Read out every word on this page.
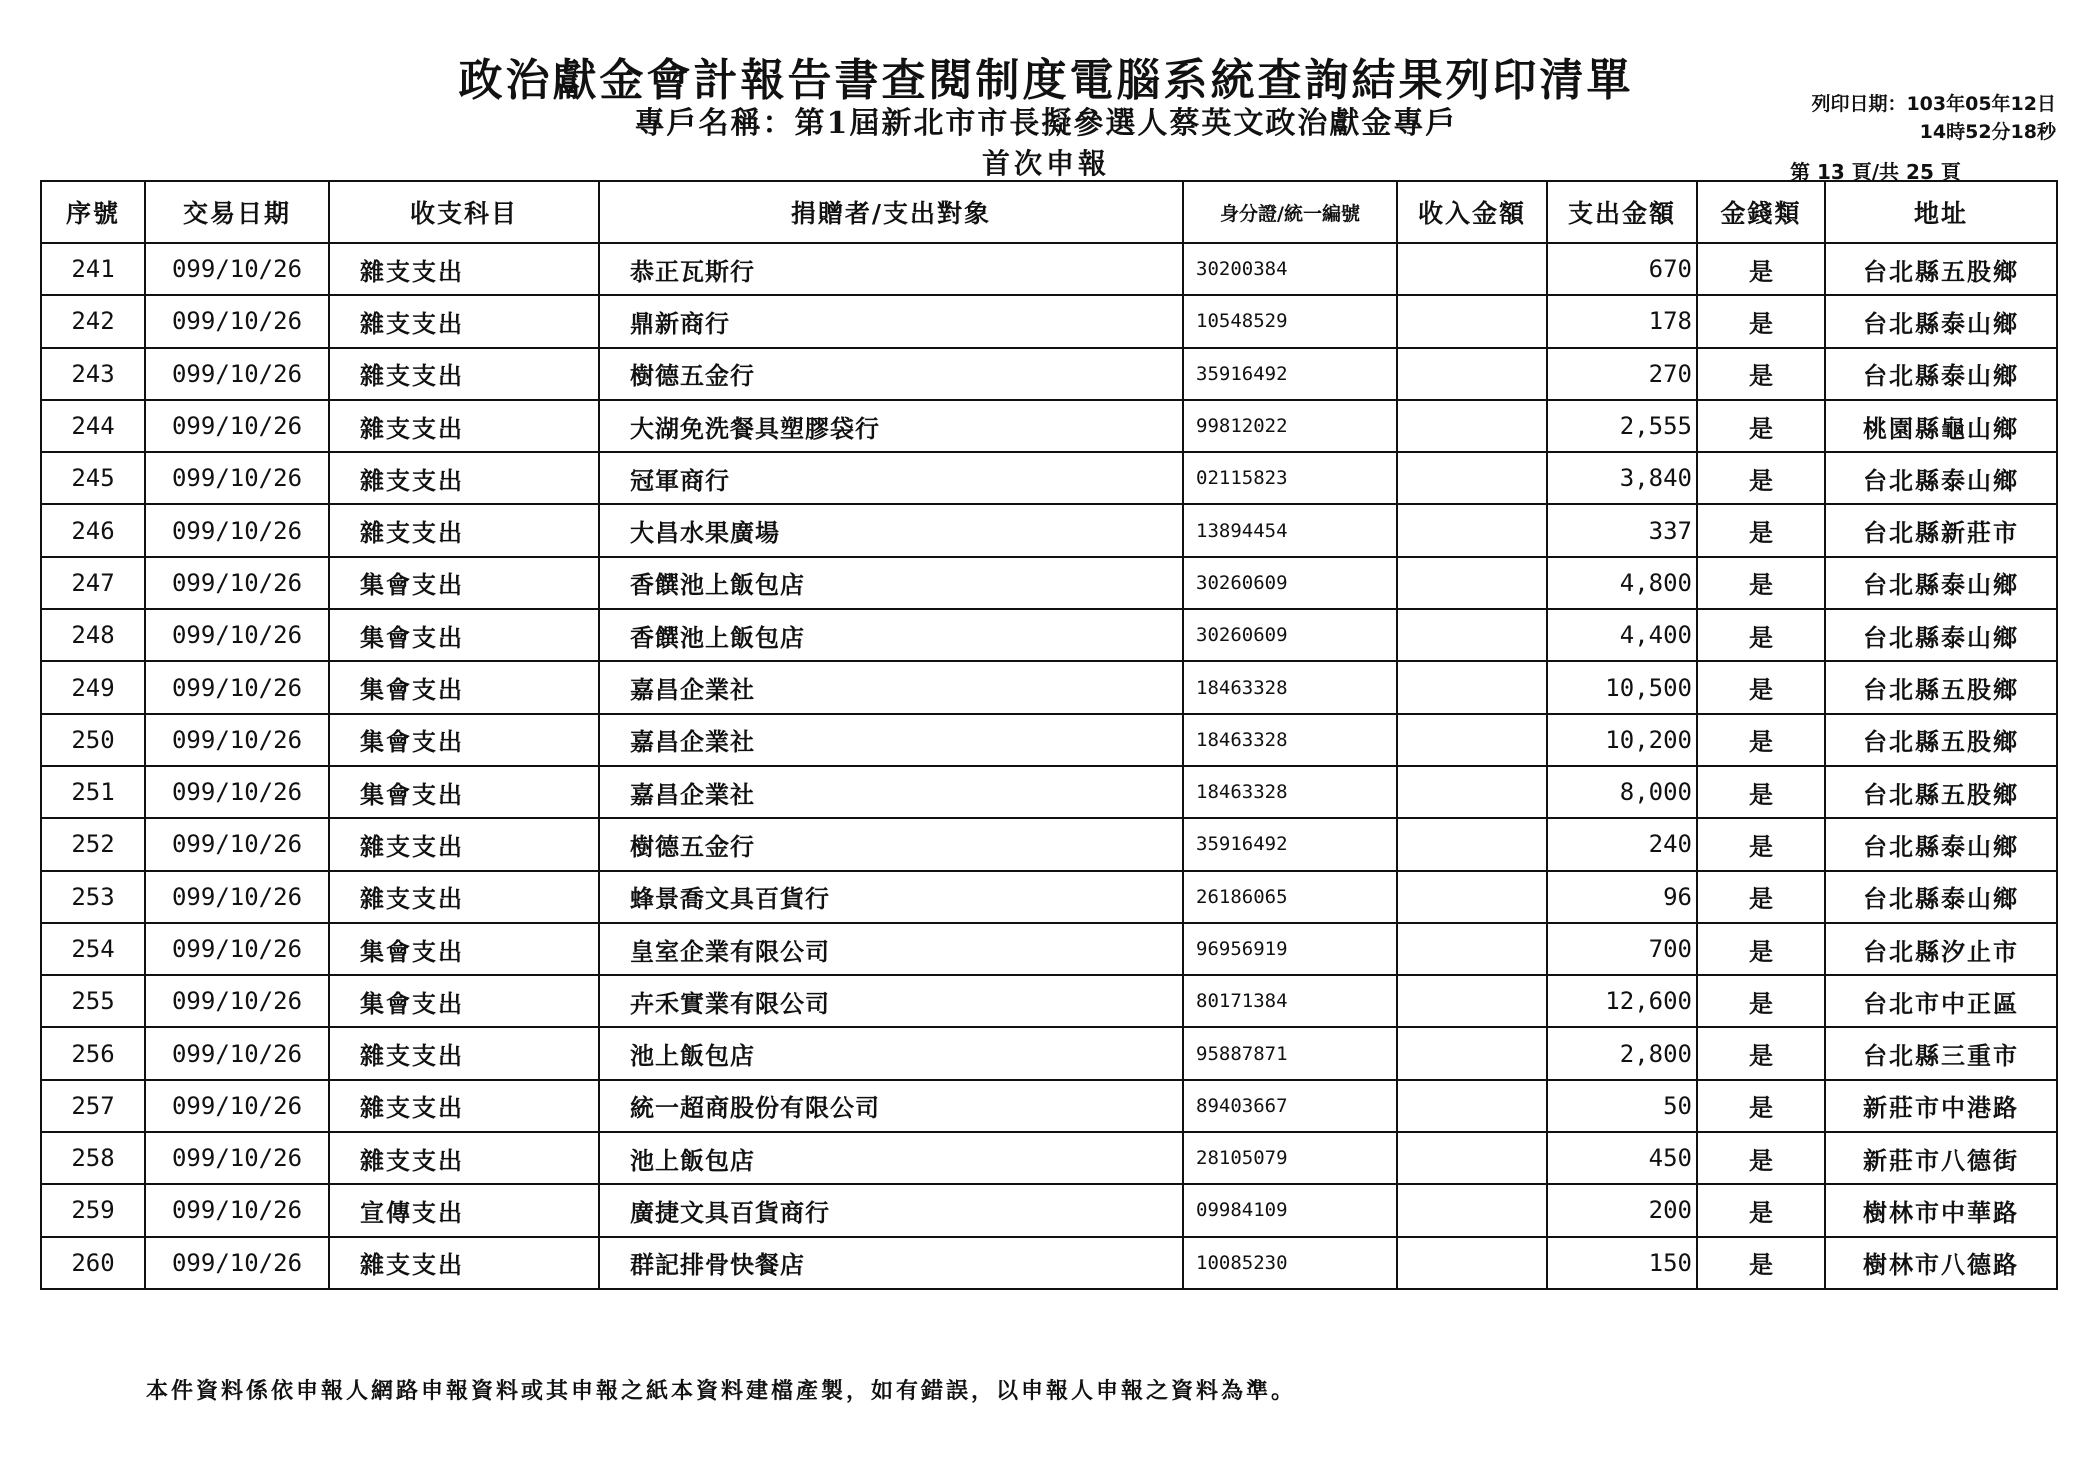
政治獻金會計報告書查閱制度電腦系統查詢結果列印清單
專戶名稱：第1屆新北市市長擬參選人蔡英文政治獻金專戶
首次申報
列印日期：103年05年12日
14時52分18秒
第 13 頁/共 25 頁
序號	交易日期	收支科目	捐贈者/支出對象	身分證/統一編號	收入金額	支出金額	金錢類	地址
241	099/10/26	雜支支出	恭正瓦斯行	30200384		670	是	台北縣五股鄉
242	099/10/26	雜支支出	鼎新商行	10548529		178	是	台北縣泰山鄉
243	099/10/26	雜支支出	樹德五金行	35916492		270	是	台北縣泰山鄉
244	099/10/26	雜支支出	大湖免洗餐具塑膠袋行	99812022		2,555	是	桃園縣龜山鄉
245	099/10/26	雜支支出	冠軍商行	02115823		3,840	是	台北縣泰山鄉
246	099/10/26	雜支支出	大昌水果廣場	13894454		337	是	台北縣新莊市
247	099/10/26	集會支出	香饌池上飯包店	30260609		4,800	是	台北縣泰山鄉
248	099/10/26	集會支出	香饌池上飯包店	30260609		4,400	是	台北縣泰山鄉
249	099/10/26	集會支出	嘉昌企業社	18463328		10,500	是	台北縣五股鄉
250	099/10/26	集會支出	嘉昌企業社	18463328		10,200	是	台北縣五股鄉
251	099/10/26	集會支出	嘉昌企業社	18463328		8,000	是	台北縣五股鄉
252	099/10/26	雜支支出	樹德五金行	35916492		240	是	台北縣泰山鄉
253	099/10/26	雜支支出	蜂景喬文具百貨行	26186065		96	是	台北縣泰山鄉
254	099/10/26	集會支出	皇室企業有限公司	96956919		700	是	台北縣汐止市
255	099/10/26	集會支出	卉禾實業有限公司	80171384		12,600	是	台北市中正區
256	099/10/26	雜支支出	池上飯包店	95887871		2,800	是	台北縣三重市
257	099/10/26	雜支支出	統一超商股份有限公司	89403667		50	是	新莊市中港路
258	099/10/26	雜支支出	池上飯包店	28105079		450	是	新莊市八德街
259	099/10/26	宣傳支出	廣捷文具百貨商行	09984109		200	是	樹林市中華路
260	099/10/26	雜支支出	群記排骨快餐店	10085230		150	是	樹林市八德路
本件資料係依申報人網路申報資料或其申報之紙本資料建檔產製，如有錯誤，以申報人申報之資料為準。
